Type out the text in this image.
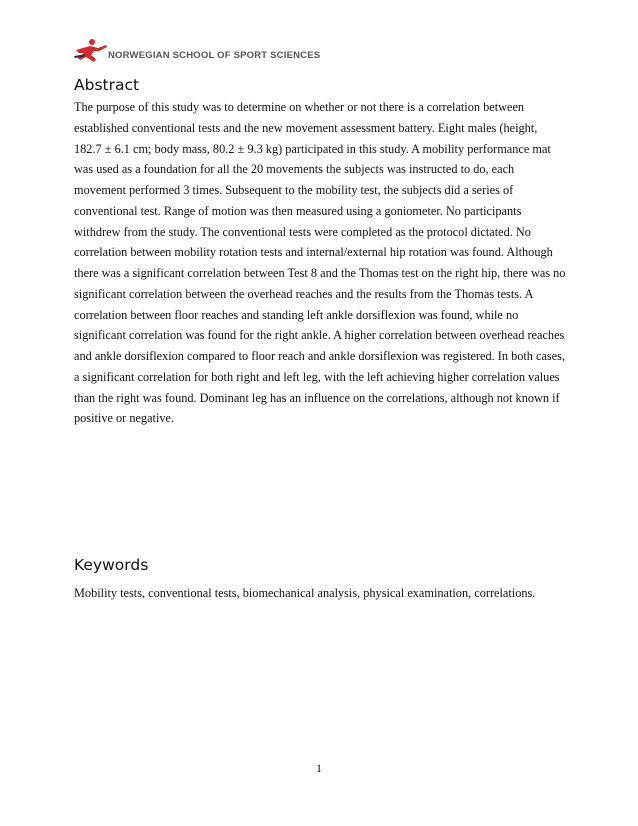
NORWEGIAN SCHOOL OF SPORT SCIENCES
Abstract

The purpose of this study was to determine on whether or not there is a correlation between established conventional tests and the new movement assessment battery. Eight males (height, 182.7 ± 6.1 cm; body mass, 80.2 ± 9.3 kg) participated in this study. A mobility performance mat was used as a foundation for all the 20 movements the subjects was instructed to do, each movement performed 3 times. Subsequent to the mobility test, the subjects did a series of conventional test. Range of motion was then measured using a goniometer. No participants withdrew from the study. The conventional tests were completed as the protocol dictated. No correlation between mobility rotation tests and internal/external hip rotation was found. Although there was a significant correlation between Test 8 and the Thomas test on the right hip, there was no significant correlation between the overhead reaches and the results from the Thomas tests. A correlation between floor reaches and standing left ankle dorsiflexion was found, while no significant correlation was found for the right ankle. A higher correlation between overhead reaches and ankle dorsiflexion compared to floor reach and ankle dorsiflexion was registered. In both cases, a significant correlation for both right and left leg, with the left achieving higher correlation values than the right was found. Dominant leg has an influence on the correlations, although not known if positive or negative.

Keywords

Mobility tests, conventional tests, biomechanical analysis, physical examination, correlations.

1
